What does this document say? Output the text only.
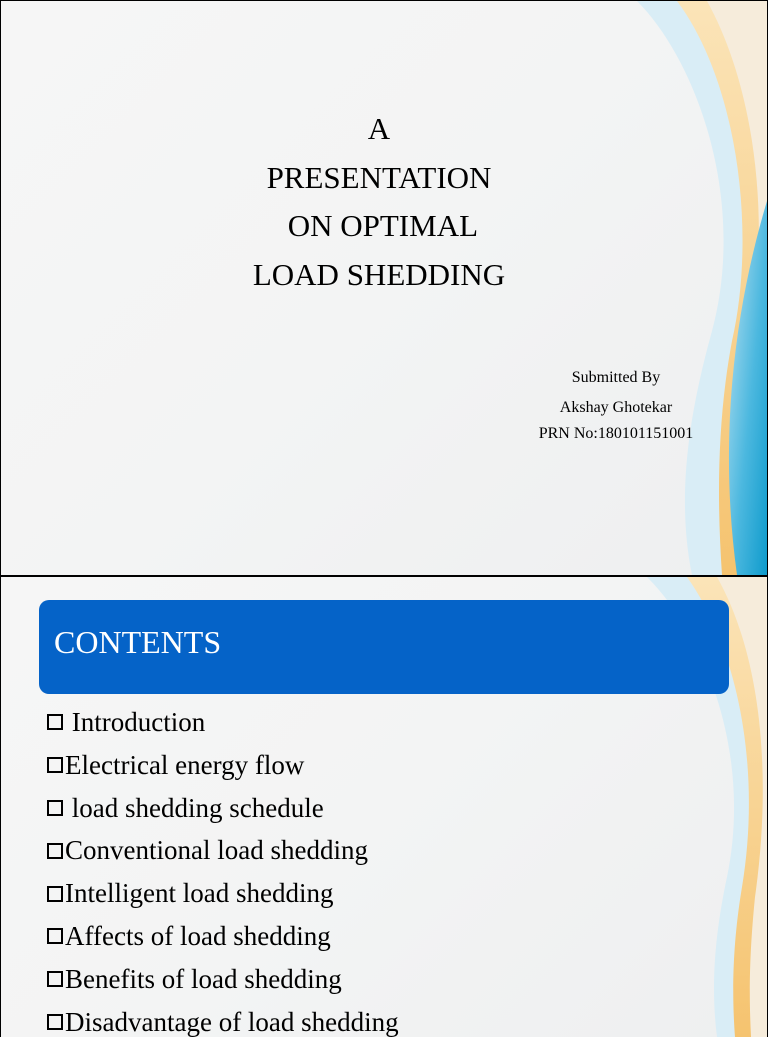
A
PRESENTATION
ON OPTIMAL
LOAD SHEDDING
Submitted By
Akshay Ghotekar
PRN No:180101151001
CONTENTS
Introduction
Electrical energy flow
load shedding schedule
Conventional load shedding
Intelligent load shedding
Affects of load shedding
Benefits of load shedding
Disadvantage of load shedding
